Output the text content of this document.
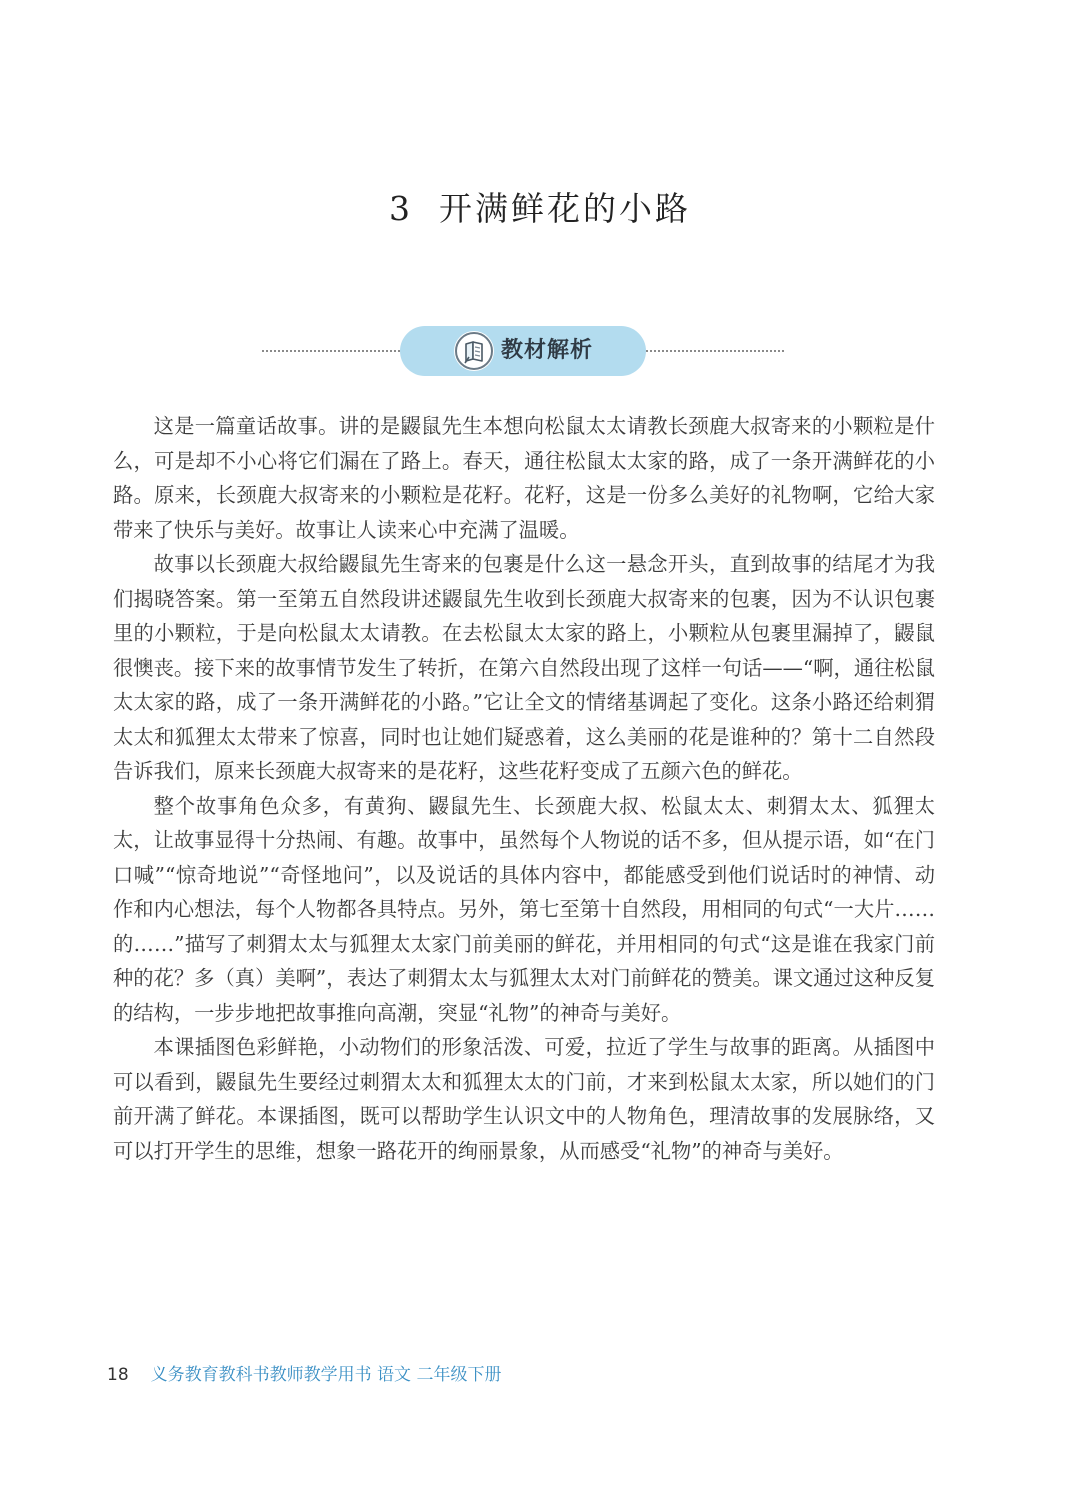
3 开满鲜花的小路
教材解析

这是一篇童话故事。讲的是鼹鼠先生本想向松鼠太太请教长颈鹿大叔寄来的小颗粒是什么，可是却不小心将它们漏在了路上。春天，通往松鼠太太家的路，成了一条开满鲜花的小路。原来，长颈鹿大叔寄来的小颗粒是花籽。花籽，这是一份多么美好的礼物啊，它给大家带来了快乐与美好。故事让人读来心中充满了温暖。

故事以长颈鹿大叔给鼹鼠先生寄来的包裹是什么这一悬念开头，直到故事的结尾才为我们揭晓答案。第一至第五自然段讲述鼹鼠先生收到长颈鹿大叔寄来的包裹，因为不认识包裹里的小颗粒，于是向松鼠太太请教。在去松鼠太太家的路上，小颗粒从包裹里漏掉了，鼹鼠很懊丧。接下来的故事情节发生了转折，在第六自然段出现了这样一句话——“啊，通往松鼠太太家的路，成了一条开满鲜花的小路。”它让全文的情绪基调起了变化。这条小路还给刺猬太太和狐狸太太带来了惊喜，同时也让她们疑惑着，这么美丽的花是谁种的？第十二自然段告诉我们，原来长颈鹿大叔寄来的是花籽，这些花籽变成了五颜六色的鲜花。

整个故事角色众多，有黄狗、鼹鼠先生、长颈鹿大叔、松鼠太太、刺猬太太、狐狸太太，让故事显得十分热闹、有趣。故事中，虽然每个人物说的话不多，但从提示语，如“在门口喊”“惊奇地说”“奇怪地问”，以及说话的具体内容中，都能感受到他们说话时的神情、动作和内心想法，每个人物都各具特点。另外，第七至第十自然段，用相同的句式“一大片……的……”描写了刺猬太太与狐狸太太家门前美丽的鲜花，并用相同的句式“这是谁在我家门前种的花？多（真）美啊”，表达了刺猬太太与狐狸太太对门前鲜花的赞美。课文通过这种反复的结构，一步步地把故事推向高潮，突显“礼物”的神奇与美好。

本课插图色彩鲜艳，小动物们的形象活泼、可爱，拉近了学生与故事的距离。从插图中可以看到，鼹鼠先生要经过刺猬太太和狐狸太太的门前，才来到松鼠太太家，所以她们的门前开满了鲜花。本课插图，既可以帮助学生认识文中的人物角色，理清故事的发展脉络，又可以打开学生的思维，想象一路花开的绚丽景象，从而感受“礼物”的神奇与美好。

18 义务教育教科书教师教学用书 语文 二年级下册
